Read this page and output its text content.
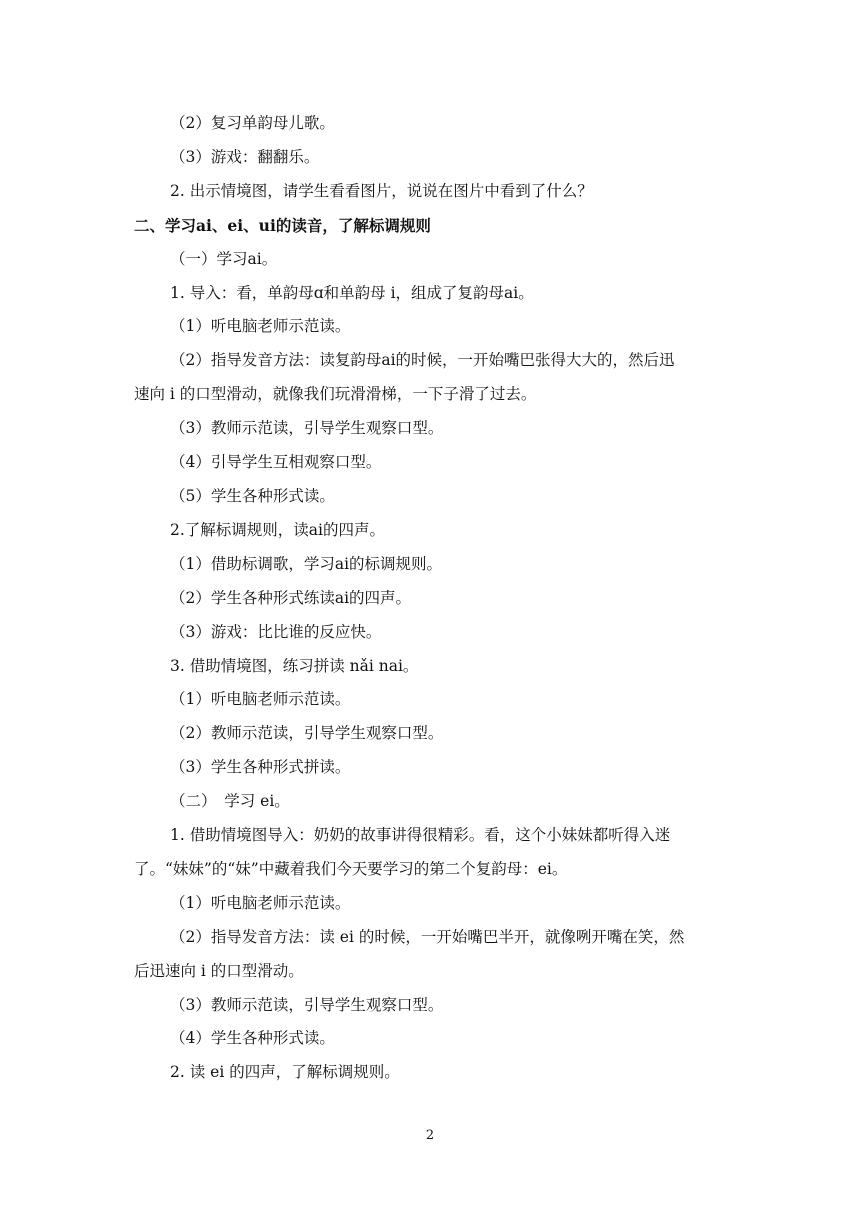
（2）复习单韵母儿歌。
（3）游戏：翻翻乐。
2. 出示情境图，请学生看看图片，说说在图片中看到了什么？
二、学习ai、ei、ui的读音，了解标调规则
（一）学习ai。
1. 导入：看，单韵母ɑ和单韵母 i，组成了复韵母ai。
（1）听电脑老师示范读。
（2）指导发音方法：读复韵母ai的时候，一开始嘴巴张得大大的，然后迅
速向 i 的口型滑动，就像我们玩滑滑梯，一下子滑了过去。
（3）教师示范读，引导学生观察口型。
（4）引导学生互相观察口型。
（5）学生各种形式读。
2.了解标调规则，读ai的四声。
（1）借助标调歌，学习ai的标调规则。
（2）学生各种形式练读ai的四声。
（3）游戏：比比谁的反应快。
3. 借助情境图，练习拼读 nǎi nai。
（1）听电脑老师示范读。
（2）教师示范读，引导学生观察口型。
（3）学生各种形式拼读。
（二）　学习 ei。
1. 借助情境图导入：奶奶的故事讲得很精彩。看，这个小妹妹都听得入迷
了。“妹妹”的“妹”中藏着我们今天要学习的第二个复韵母：ei。
（1）听电脑老师示范读。
（2）指导发音方法：读 ei 的时候，一开始嘴巴半开，就像咧开嘴在笑，然
后迅速向 i 的口型滑动。
（3）教师示范读，引导学生观察口型。
（4）学生各种形式读。
2. 读 ei 的四声，了解标调规则。
2
